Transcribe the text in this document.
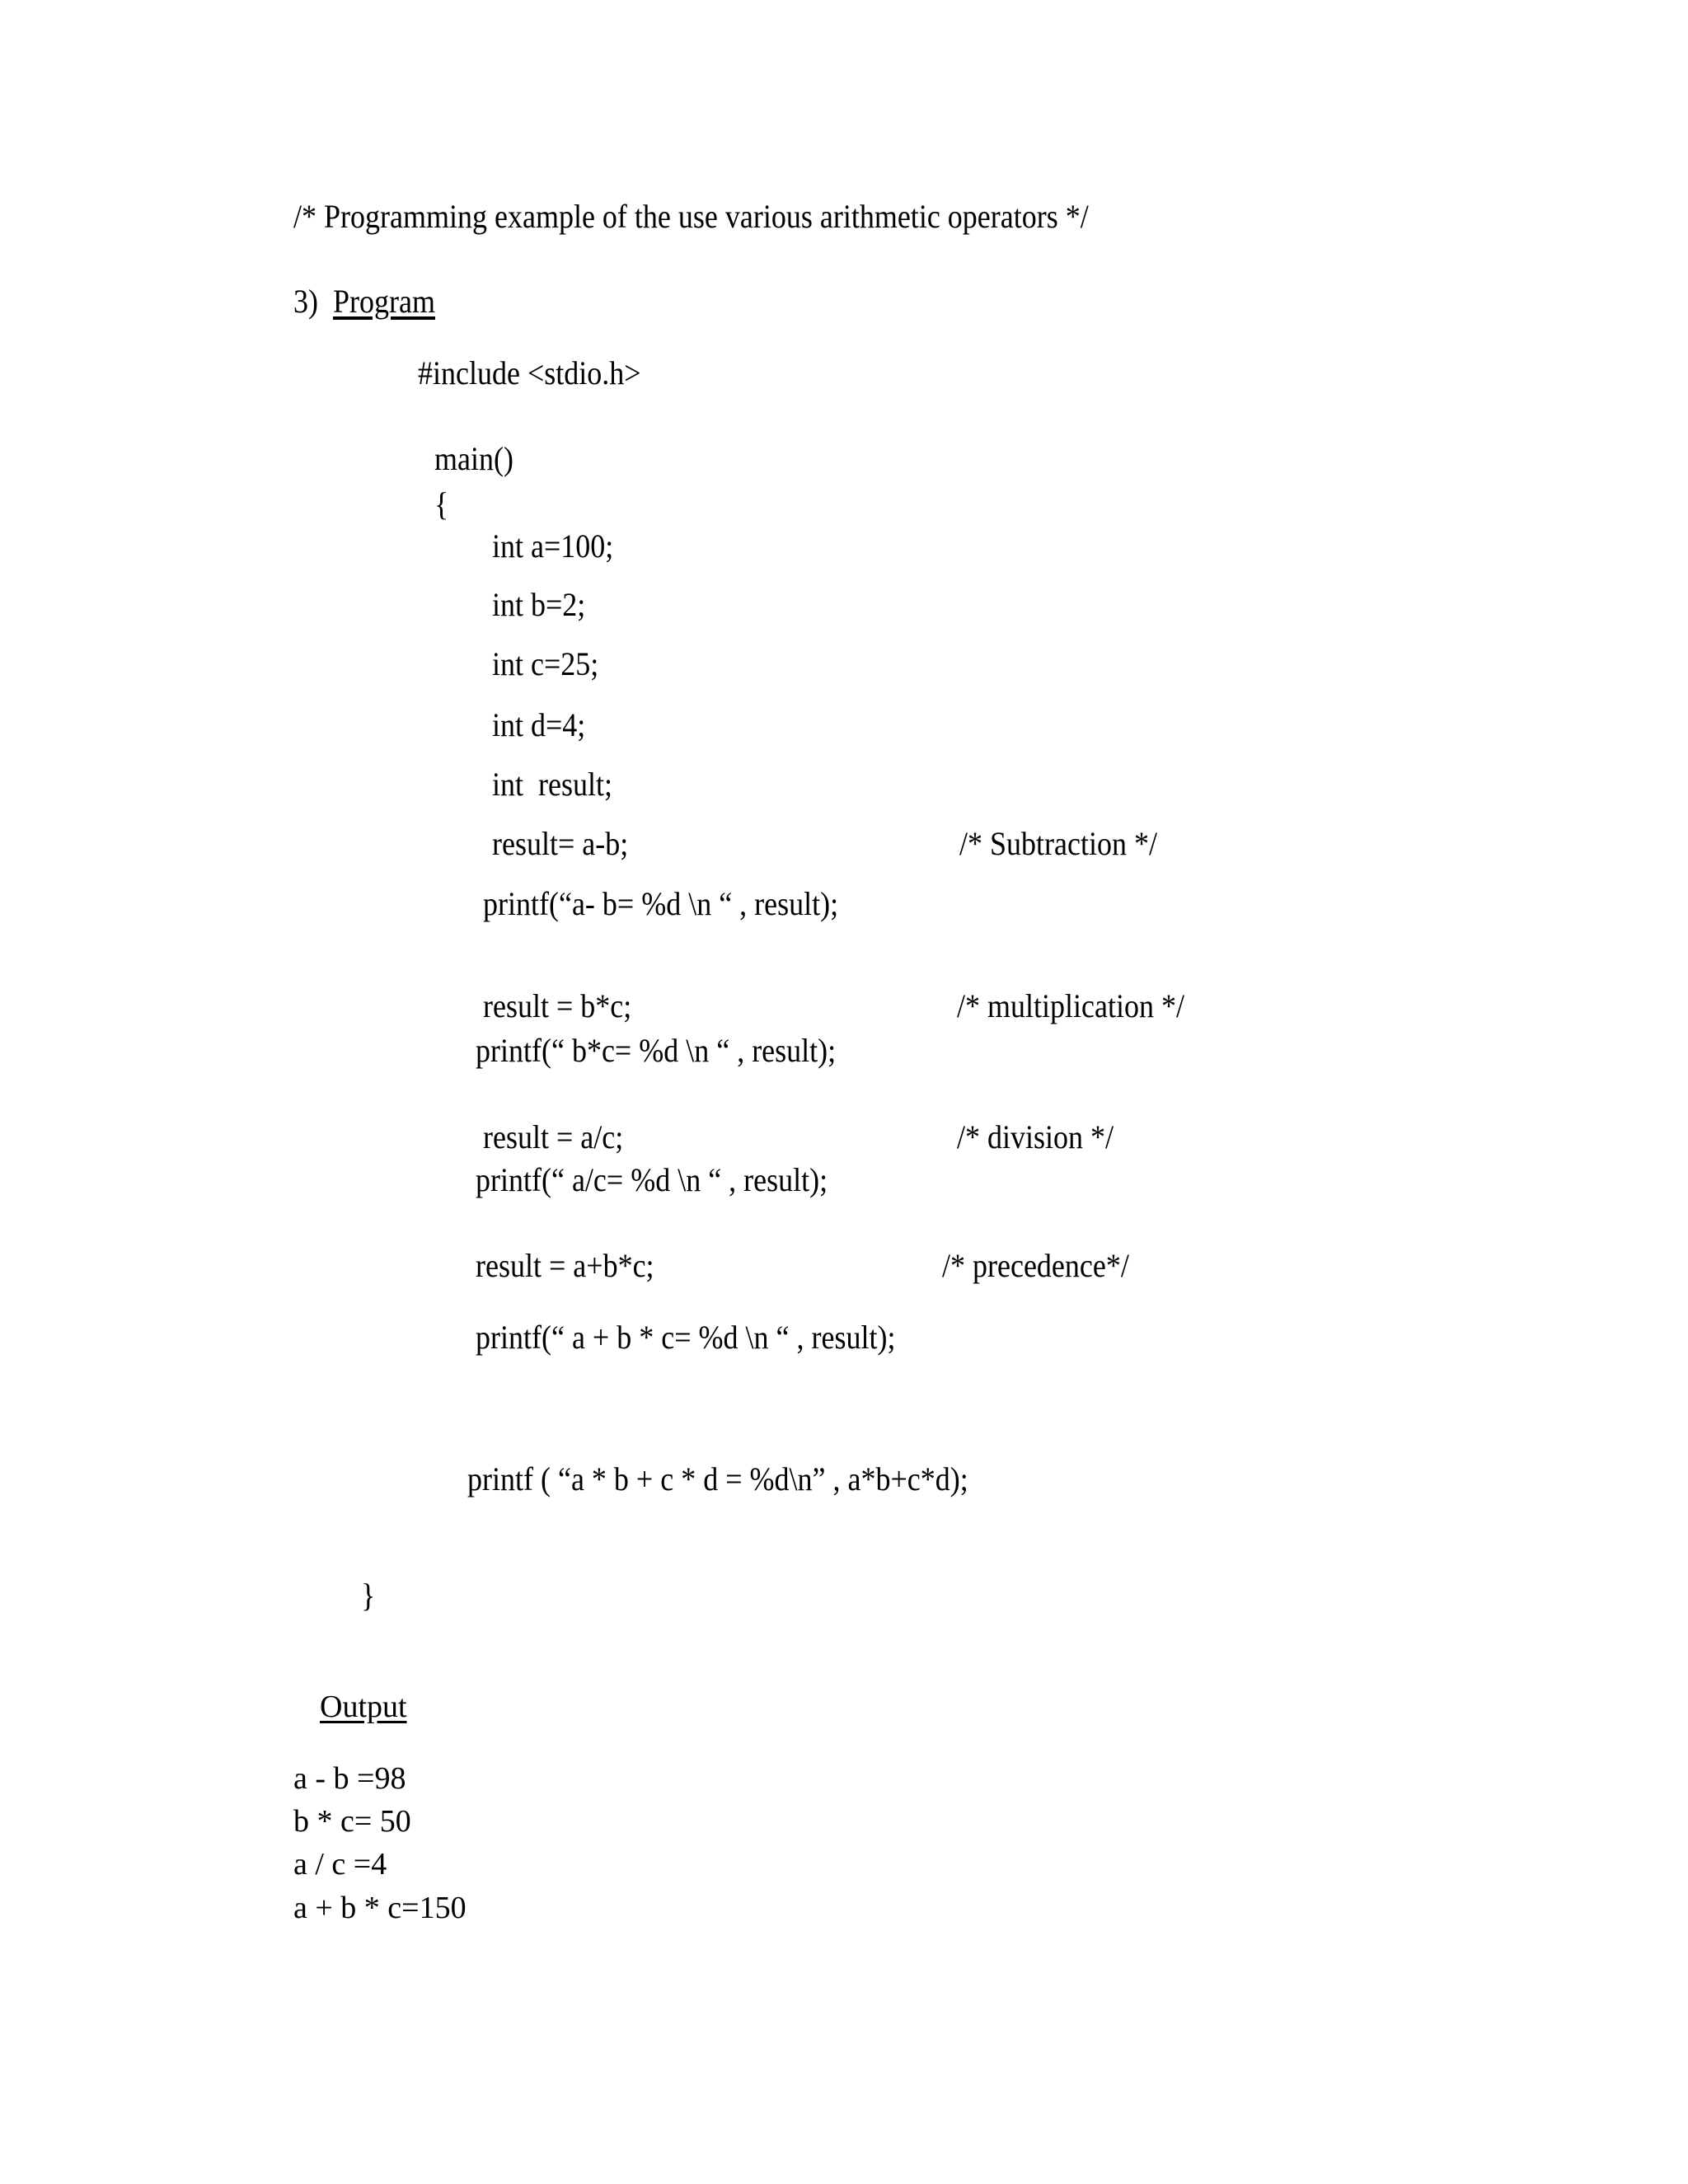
/* Programming example of the use various arithmetic operators */
3) Program
#include <stdio.h>
main()
{
int a=100;
int b=2;
int c=25;
int d=4;
int  result;
result= a-b;	/* Subtraction */
printf(“a- b= %d \n “ , result);
result = b*c;	/* multiplication */
printf(“ b*c= %d \n “ , result);
result = a/c;	/* division */
printf(“ a/c= %d \n “ , result);
result = a+b*c;	/* precedence*/
printf(“ a + b * c= %d \n “ , result);
printf ( “a * b + c * d = %d\n” , a*b+c*d);
}
Output
a - b =98
b * c= 50
a / c =4
a + b * c=150
